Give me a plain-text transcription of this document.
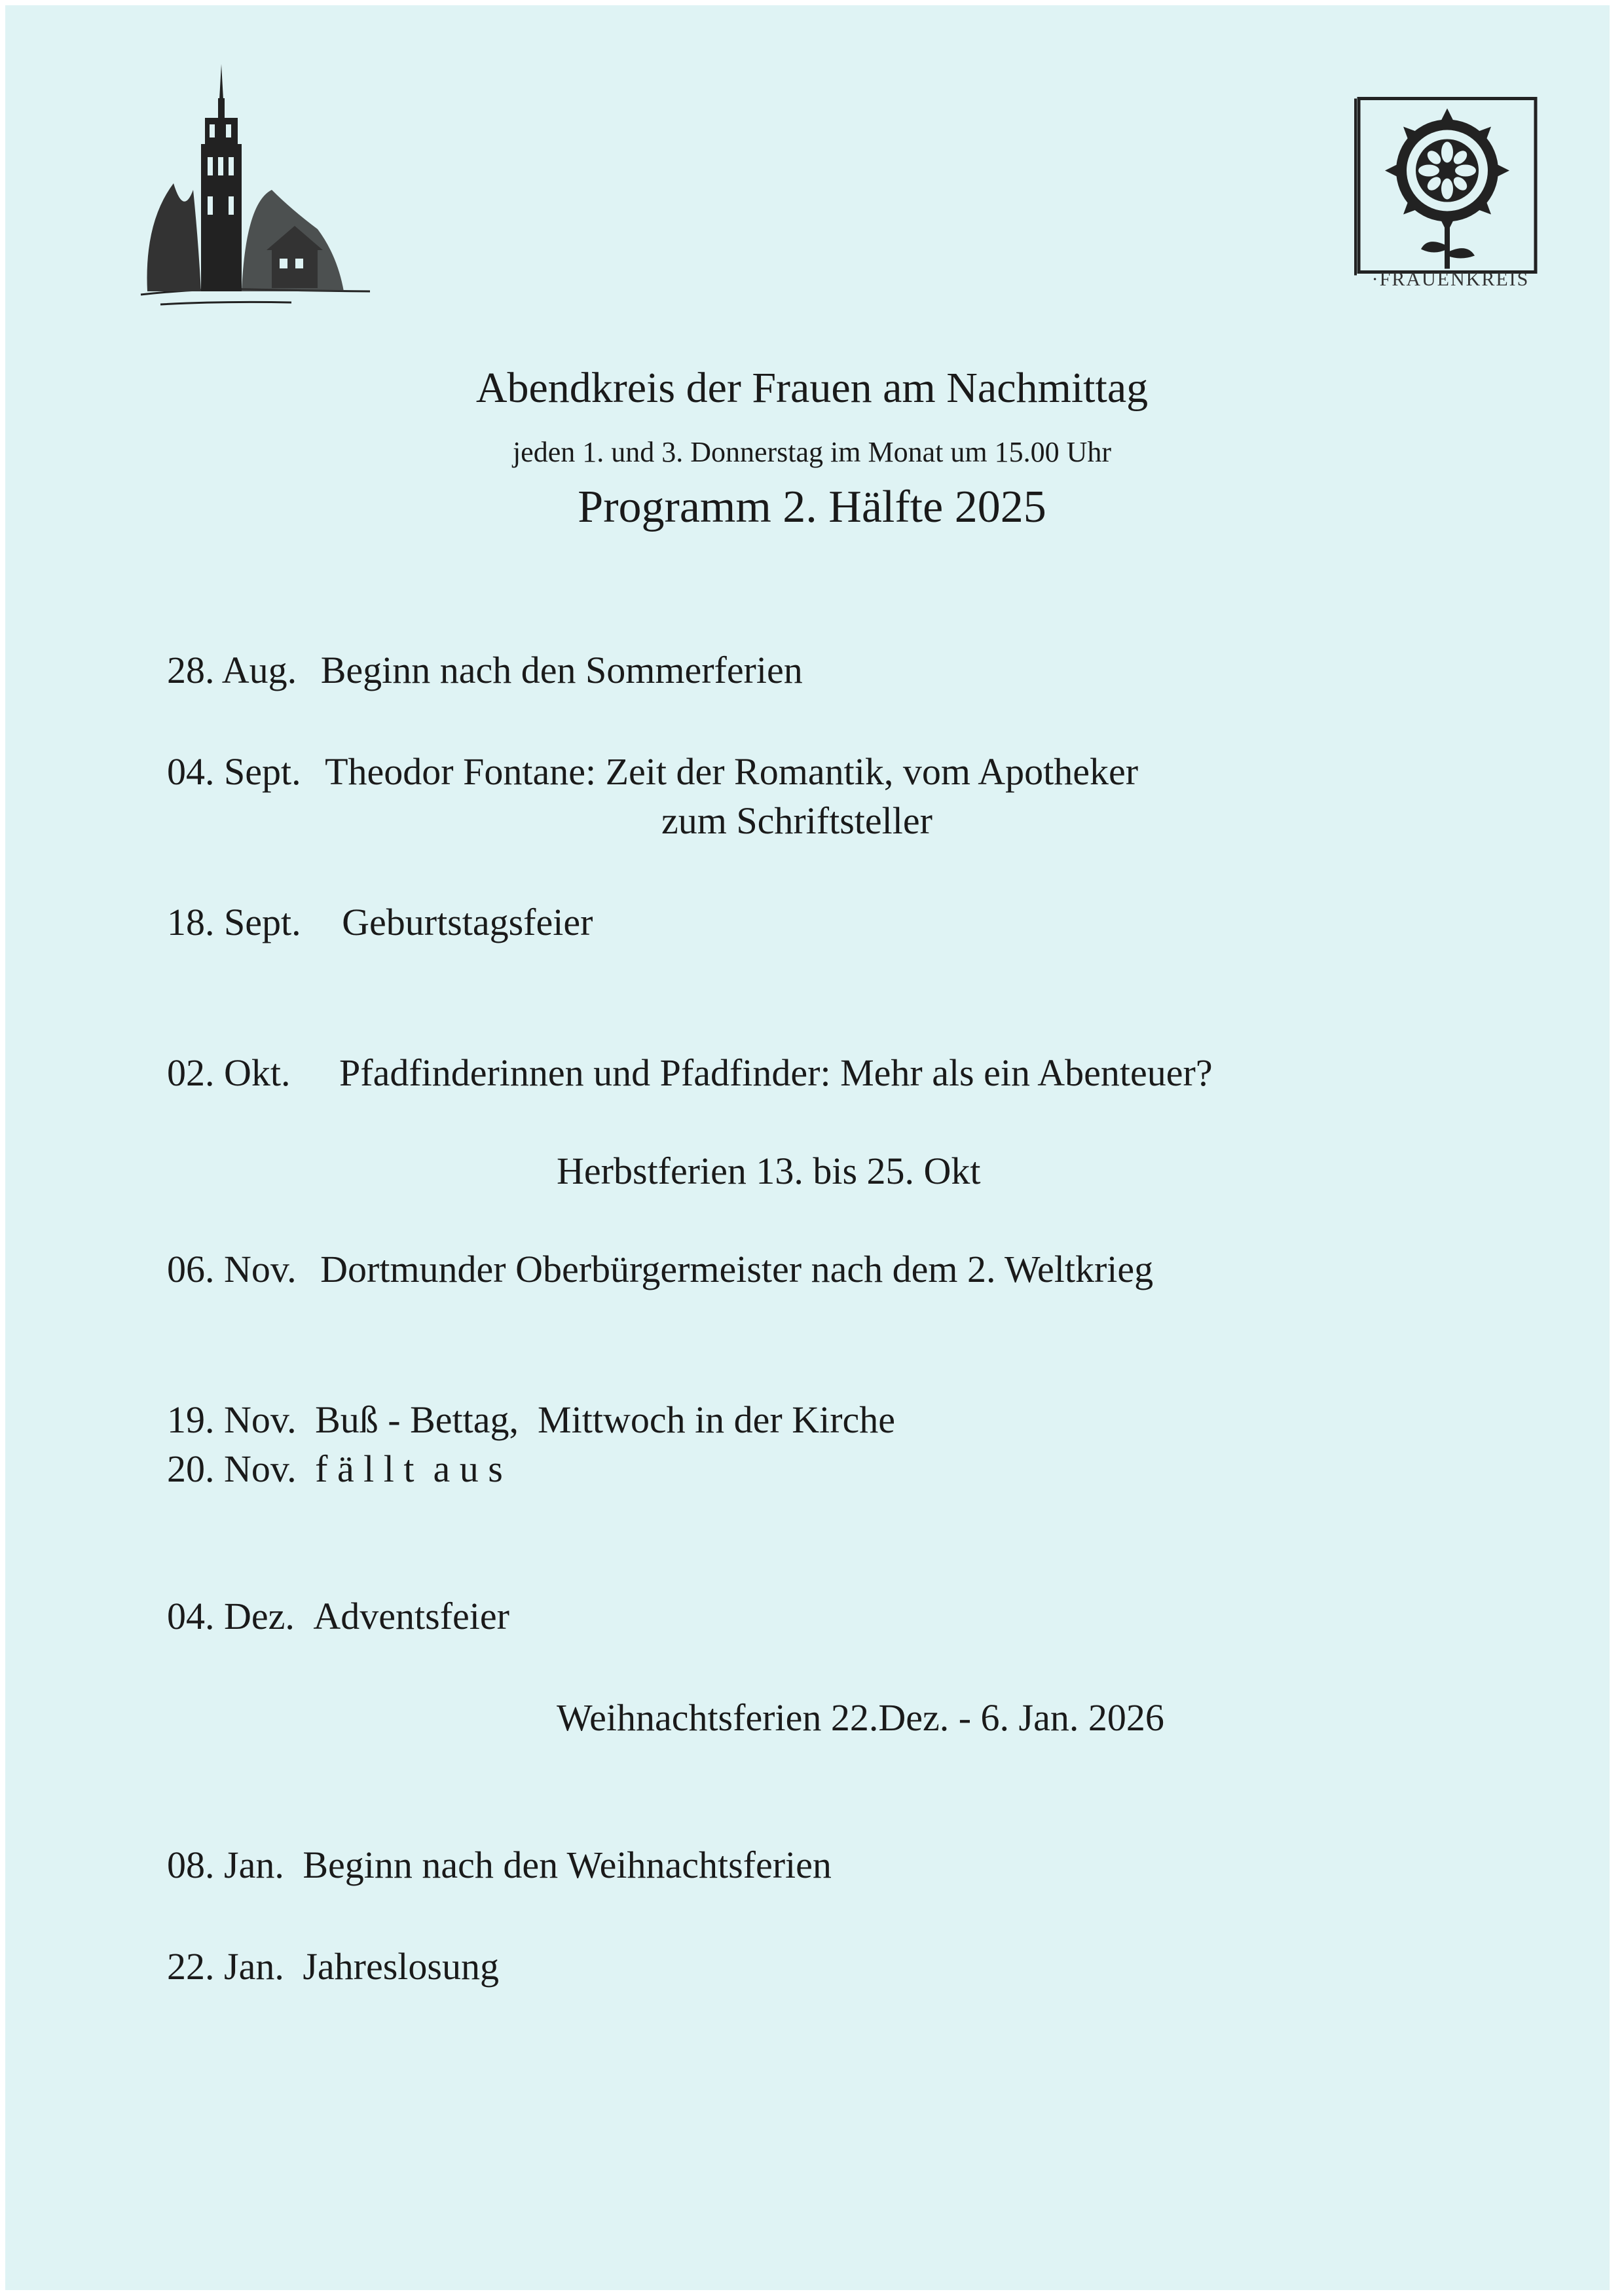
·FRAUENKREIS
Abendkreis der Frauen am Nachmittag
jeden 1. und 3. Donnerstag im Monat um 15.00 Uhr
Programm 2. Hälfte 2025
28. Aug. Beginn nach den Sommerferien
04. Sept. Theodor Fontane: Zeit der Romantik, vom Apotheker
zum Schriftsteller
18. Sept. Geburtstagsfeier
02. Okt. Pfadfinderinnen und Pfadfinder: Mehr als ein Abenteuer?
Herbstferien 13. bis 25. Okt
06. Nov. Dortmunder Oberbürgermeister nach dem 2. Weltkrieg
19. Nov. Buß - Bettag,  Mittwoch in der Kirche
20. Nov. f ä l l t  a u s
04. Dez. Adventsfeier
Weihnachtsferien 22.Dez. - 6. Jan. 2026
08. Jan. Beginn nach den Weihnachtsferien
22. Jan. Jahreslosung
